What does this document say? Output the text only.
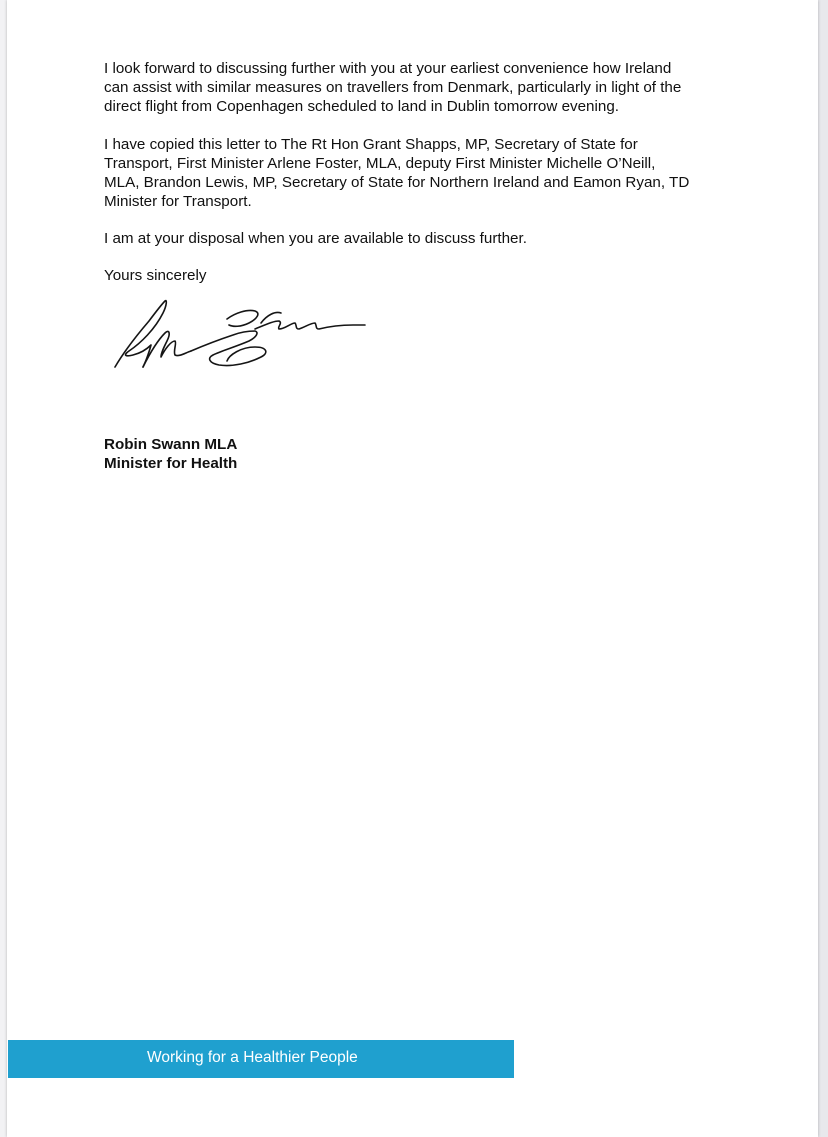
I look forward to discussing further with you at your earliest convenience how Ireland
can assist with similar measures on travellers from Denmark, particularly in light of the
direct flight from Copenhagen scheduled to land in Dublin tomorrow evening.

I have copied this letter to The Rt Hon Grant Shapps, MP, Secretary of State for
Transport, First Minister Arlene Foster, MLA, deputy First Minister Michelle O’Neill,
MLA, Brandon Lewis, MP, Secretary of State for Northern Ireland and Eamon Ryan, TD
Minister for Transport.

I am at your disposal when you are available to discuss further.

Yours sincerely

Robin Swann MLA
Minister for Health
Working for a Healthier People
